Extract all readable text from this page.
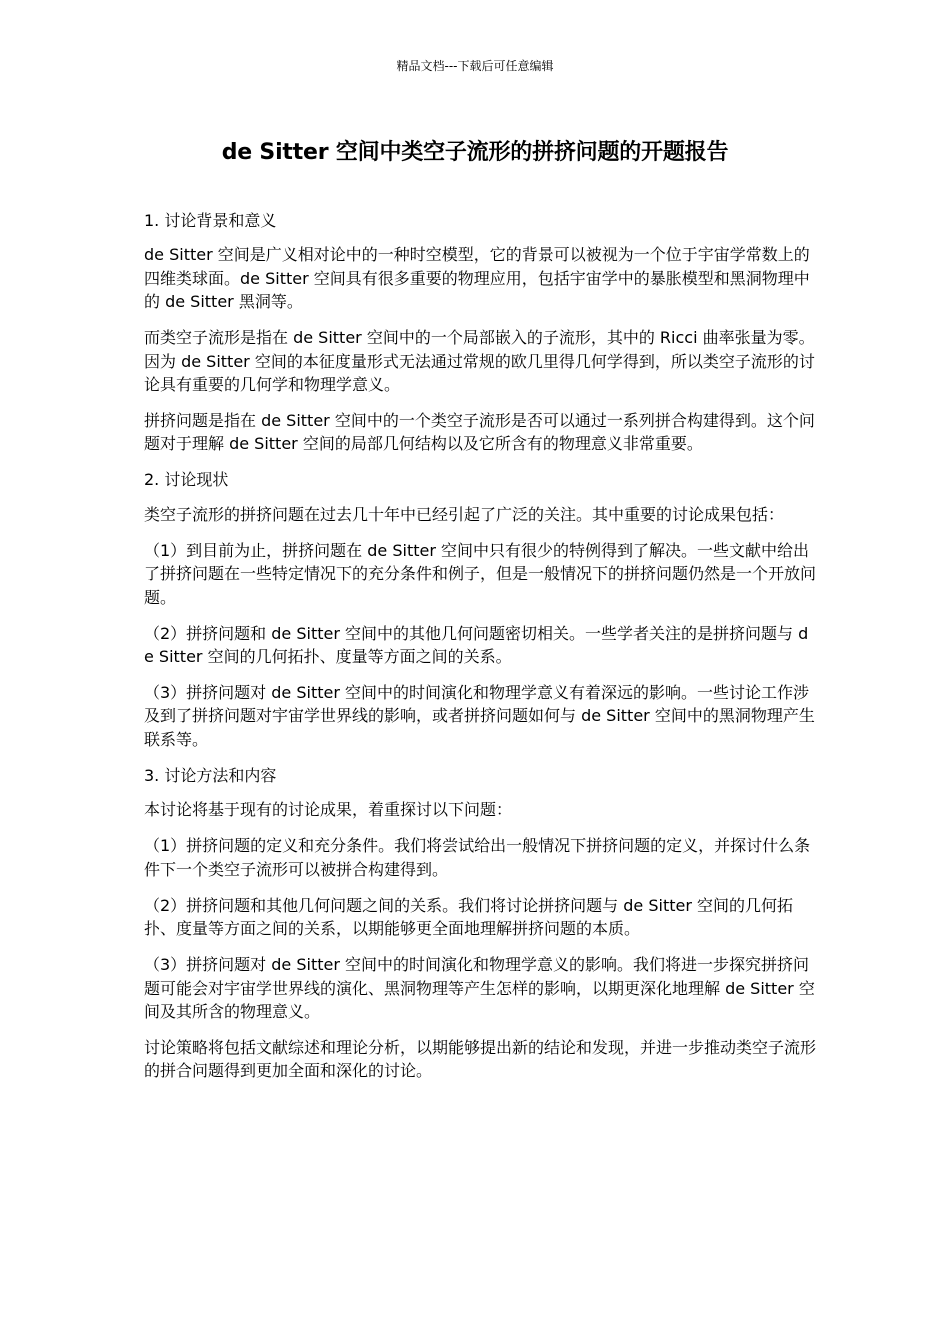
精品文档---下载后可任意编辑
de Sitter 空间中类空子流形的拼挤问题的开题报告

1. 讨论背景和意义

de Sitter 空间是广义相对论中的一种时空模型，它的背景可以被视为一个位于宇宙学常数上的四维类球面。de Sitter 空间具有很多重要的物理应用，包括宇宙学中的暴胀模型和黑洞物理中的 de Sitter 黑洞等。

而类空子流形是指在 de Sitter 空间中的一个局部嵌入的子流形，其中的 Ricci 曲率张量为零。因为 de Sitter 空间的本征度量形式无法通过常规的欧几里得几何学得到，所以类空子流形的讨论具有重要的几何学和物理学意义。

拼挤问题是指在 de Sitter 空间中的一个类空子流形是否可以通过一系列拼合构建得到。这个问题对于理解 de Sitter 空间的局部几何结构以及它所含有的物理意义非常重要。

2. 讨论现状

类空子流形的拼挤问题在过去几十年中已经引起了广泛的关注。其中重要的讨论成果包括：

（1）到目前为止，拼挤问题在 de Sitter 空间中只有很少的特例得到了解决。一些文献中给出了拼挤问题在一些特定情况下的充分条件和例子，但是一般情况下的拼挤问题仍然是一个开放问题。

（2）拼挤问题和 de Sitter 空间中的其他几何问题密切相关。一些学者关注的是拼挤问题与 de Sitter 空间的几何拓扑、度量等方面之间的关系。

（3）拼挤问题对 de Sitter 空间中的时间演化和物理学意义有着深远的影响。一些讨论工作涉及到了拼挤问题对宇宙学世界线的影响，或者拼挤问题如何与 de Sitter 空间中的黑洞物理产生联系等。

3. 讨论方法和内容

本讨论将基于现有的讨论成果，着重探讨以下问题：

（1）拼挤问题的定义和充分条件。我们将尝试给出一般情况下拼挤问题的定义，并探讨什么条件下一个类空子流形可以被拼合构建得到。

（2）拼挤问题和其他几何问题之间的关系。我们将讨论拼挤问题与 de Sitter 空间的几何拓扑、度量等方面之间的关系，以期能够更全面地理解拼挤问题的本质。

（3）拼挤问题对 de Sitter 空间中的时间演化和物理学意义的影响。我们将进一步探究拼挤问题可能会对宇宙学世界线的演化、黑洞物理等产生怎样的影响，以期更深化地理解 de Sitter 空间及其所含的物理意义。

讨论策略将包括文献综述和理论分析，以期能够提出新的结论和发现，并进一步推动类空子流形的拼合问题得到更加全面和深化的讨论。
